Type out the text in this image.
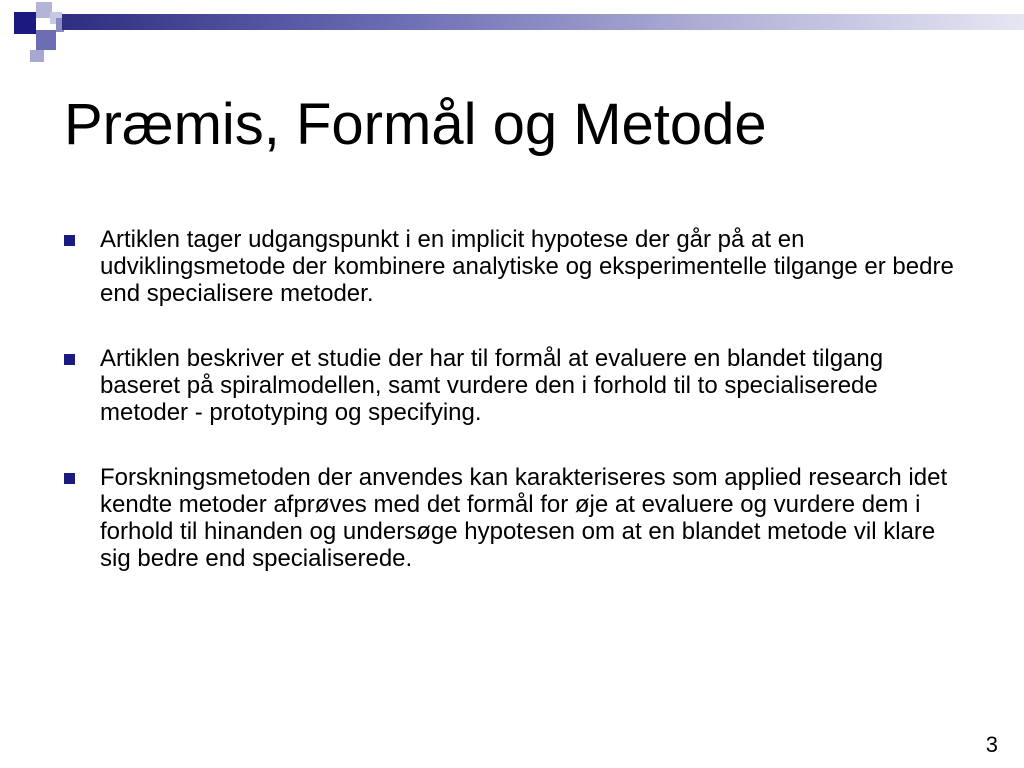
Præmis, Formål og Metode
Artiklen tager udgangspunkt i en implicit hypotese der går på at en udviklingsmetode der kombinere analytiske og eksperimentelle tilgange er bedre end specialisere metoder.
Artiklen beskriver et studie der har til formål at evaluere en blandet tilgang baseret på spiralmodellen, samt vurdere den i forhold til to specialiserede metoder - prototyping og specifying.
Forskningsmetoden der anvendes kan karakteriseres som applied research idet kendte metoder afprøves med det formål for øje at evaluere og vurdere dem i forhold til hinanden og undersøge hypotesen om at en blandet metode vil klare sig bedre end specialiserede.
3
